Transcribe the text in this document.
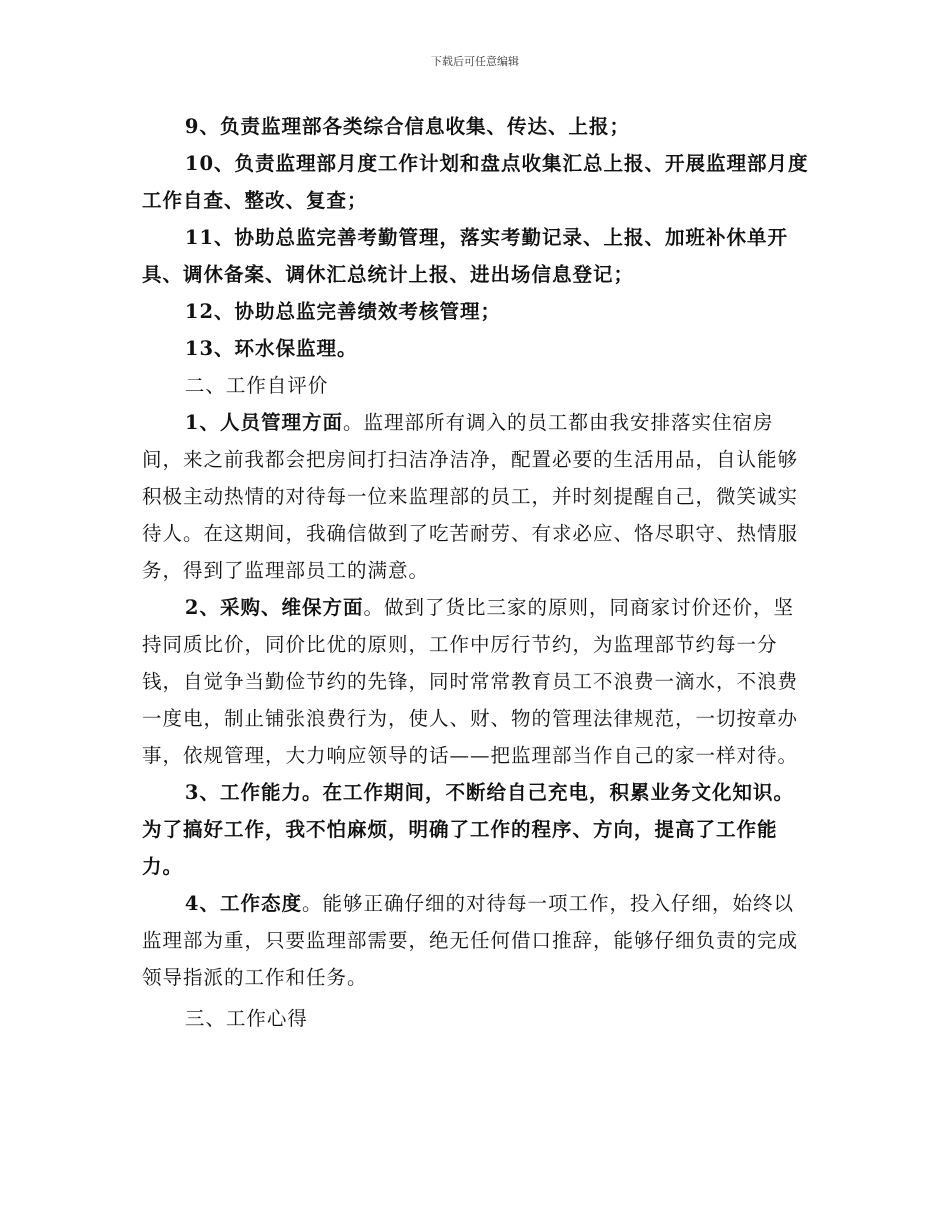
下载后可任意编辑

9、负责监理部各类综合信息收集、传达、上报；

10、负责监理部月度工作计划和盘点收集汇总上报、开展监理部月度工作自查、整改、复查；

11、协助总监完善考勤管理，落实考勤记录、上报、加班补休单开具、调休备案、调休汇总统计上报、进出场信息登记；

12、协助总监完善绩效考核管理；

13、环水保监理。

二、工作自评价

1、人员管理方面。监理部所有调入的员工都由我安排落实住宿房间，来之前我都会把房间打扫洁净洁净，配置必要的生活用品，自认能够积极主动热情的对待每一位来监理部的员工，并时刻提醒自己，微笑诚实待人。在这期间，我确信做到了吃苦耐劳、有求必应、恪尽职守、热情服务，得到了监理部员工的满意。

2、采购、维保方面。做到了货比三家的原则，同商家讨价还价，坚持同质比价，同价比优的原则，工作中厉行节约，为监理部节约每一分钱，自觉争当勤俭节约的先锋，同时常常教育员工不浪费一滴水，不浪费一度电，制止铺张浪费行为，使人、财、物的管理法律规范，一切按章办事，依规管理，大力响应领导的话——把监理部当作自己的家一样对待。

3、工作能力。在工作期间，不断给自己充电，积累业务文化知识。为了搞好工作，我不怕麻烦，明确了工作的程序、方向，提高了工作能力。

4、工作态度。能够正确仔细的对待每一项工作，投入仔细，始终以监理部为重，只要监理部需要，绝无任何借口推辞，能够仔细负责的完成领导指派的工作和任务。

三、工作心得
